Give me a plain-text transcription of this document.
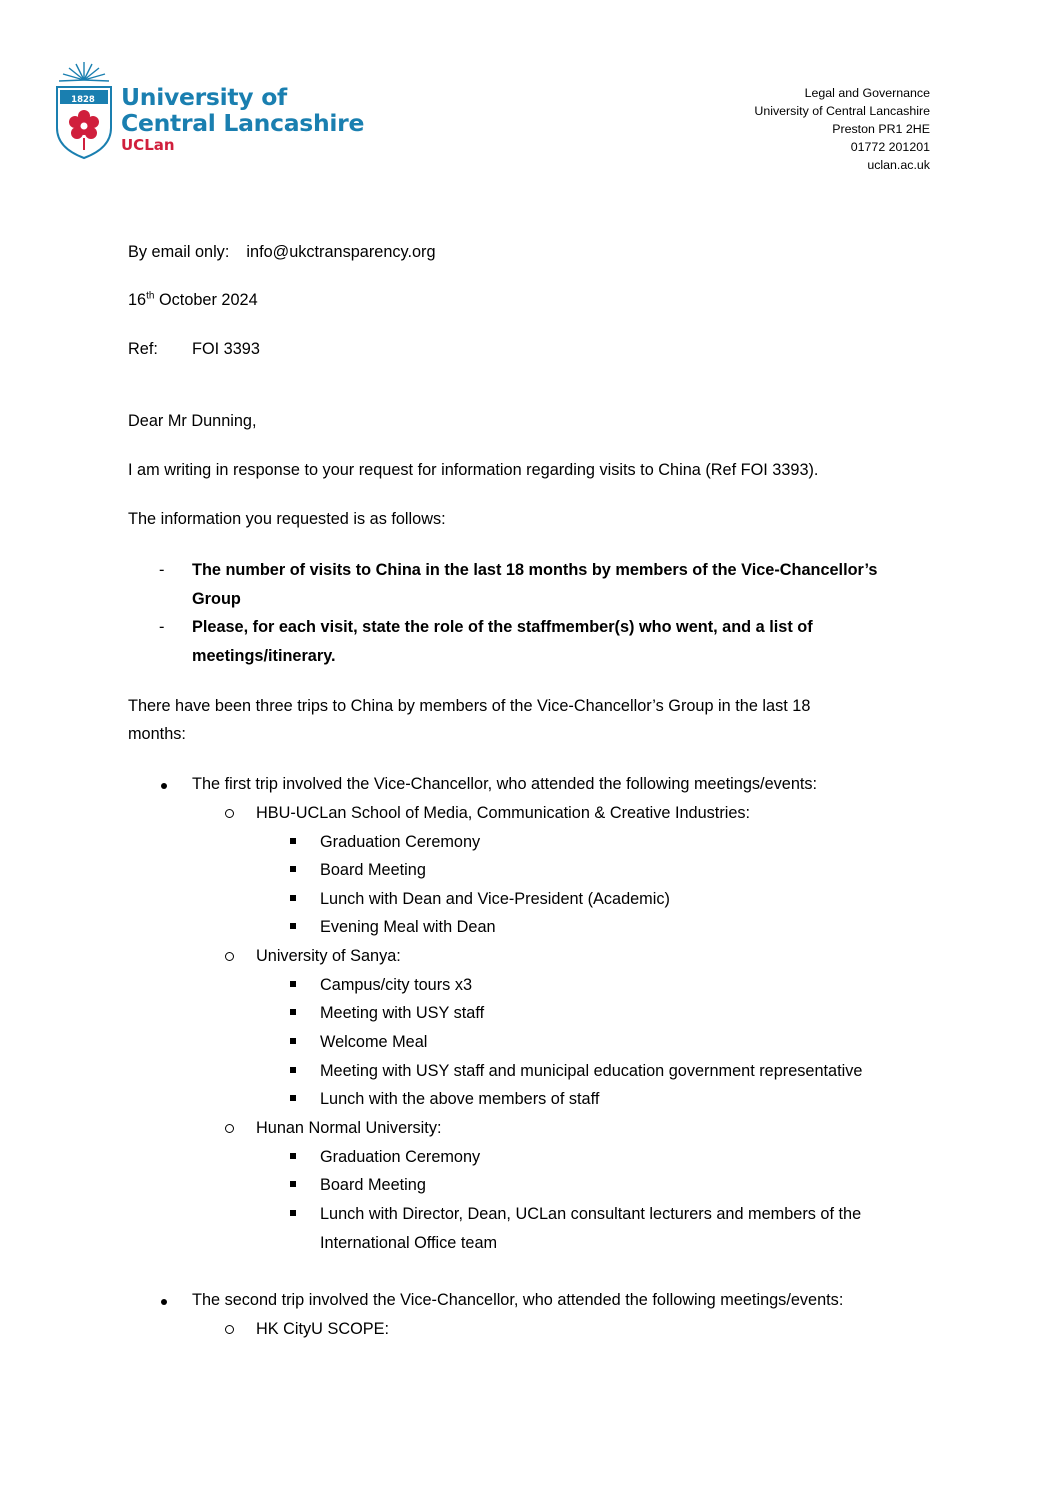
1828 University of
Central Lancashire
UCLan
Legal and Governance
University of Central Lancashire
Preston PR1 2HE
01772 201201
uclan.ac.uk
By email only: info@ukctransparency.org
16th October 2024
Ref: FOI 3393
Dear Mr Dunning,
I am writing in response to your request for information regarding visits to China (Ref FOI 3393).
The information you requested is as follows:
- The number of visits to China in the last 18 months by members of the Vice-Chancellor’s
Group
- Please, for each visit, state the role of the staffmember(s) who went, and a list of
meetings/itinerary.
There have been three trips to China by members of the Vice-Chancellor’s Group in the last 18
months:
The first trip involved the Vice-Chancellor, who attended the following meetings/events:
HBU-UCLan School of Media, Communication & Creative Industries:
Graduation Ceremony
Board Meeting
Lunch with Dean and Vice-President (Academic)
Evening Meal with Dean
University of Sanya:
Campus/city tours x3
Meeting with USY staff
Welcome Meal
Meeting with USY staff and municipal education government representative
Lunch with the above members of staff
Hunan Normal University:
Graduation Ceremony
Board Meeting
Lunch with Director, Dean, UCLan consultant lecturers and members of the
International Office team
The second trip involved the Vice-Chancellor, who attended the following meetings/events:
HK CityU SCOPE:
